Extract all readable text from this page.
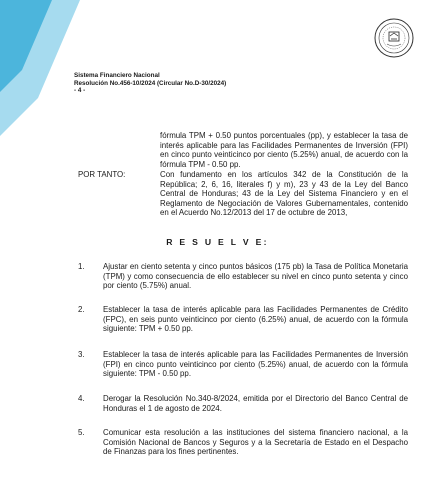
Sistema Financiero Nacional
Resolución No.456-10/2024 (Circular No.D-30/2024)
- 4 -
fórmula TPM + 0.50 puntos porcentuales (pp), y establecer la tasa de interés aplicable para las Facilidades Permanentes de Inversión (FPI) en cinco punto veinticinco por ciento (5.25%) anual, de acuerdo con la fórmula TPM - 0.50 pp.
POR TANTO:	Con fundamento en los artículos 342 de la Constitución de la República; 2, 6, 16, literales f) y m), 23 y 43 de la Ley del Banco Central de Honduras; 43 de la Ley del Sistema Financiero y en el Reglamento de Negociación de Valores Gubernamentales, contenido en el Acuerdo No.12/2013 del 17 de octubre de 2013,
R E S U E L V E:
1. Ajustar en ciento setenta y cinco puntos básicos (175 pb) la Tasa de Política Monetaria (TPM) y como consecuencia de ello establecer su nivel en cinco punto setenta y cinco por ciento (5.75%) anual.
2. Establecer la tasa de interés aplicable para las Facilidades Permanentes de Crédito (FPC), en seis punto veinticinco por ciento (6.25%) anual, de acuerdo con la fórmula siguiente: TPM + 0.50 pp.
3. Establecer la tasa de interés aplicable para las Facilidades Permanentes de Inversión (FPI) en cinco punto veinticinco por ciento (5.25%) anual, de acuerdo con la fórmula siguiente: TPM - 0.50 pp.
4. Derogar la Resolución No.340-8/2024, emitida por el Directorio del Banco Central de Honduras el 1 de agosto de 2024.
5. Comunicar esta resolución a las instituciones del sistema financiero nacional, a la Comisión Nacional de Bancos y Seguros y a la Secretaría de Estado en el Despacho de Finanzas para los fines pertinentes.
